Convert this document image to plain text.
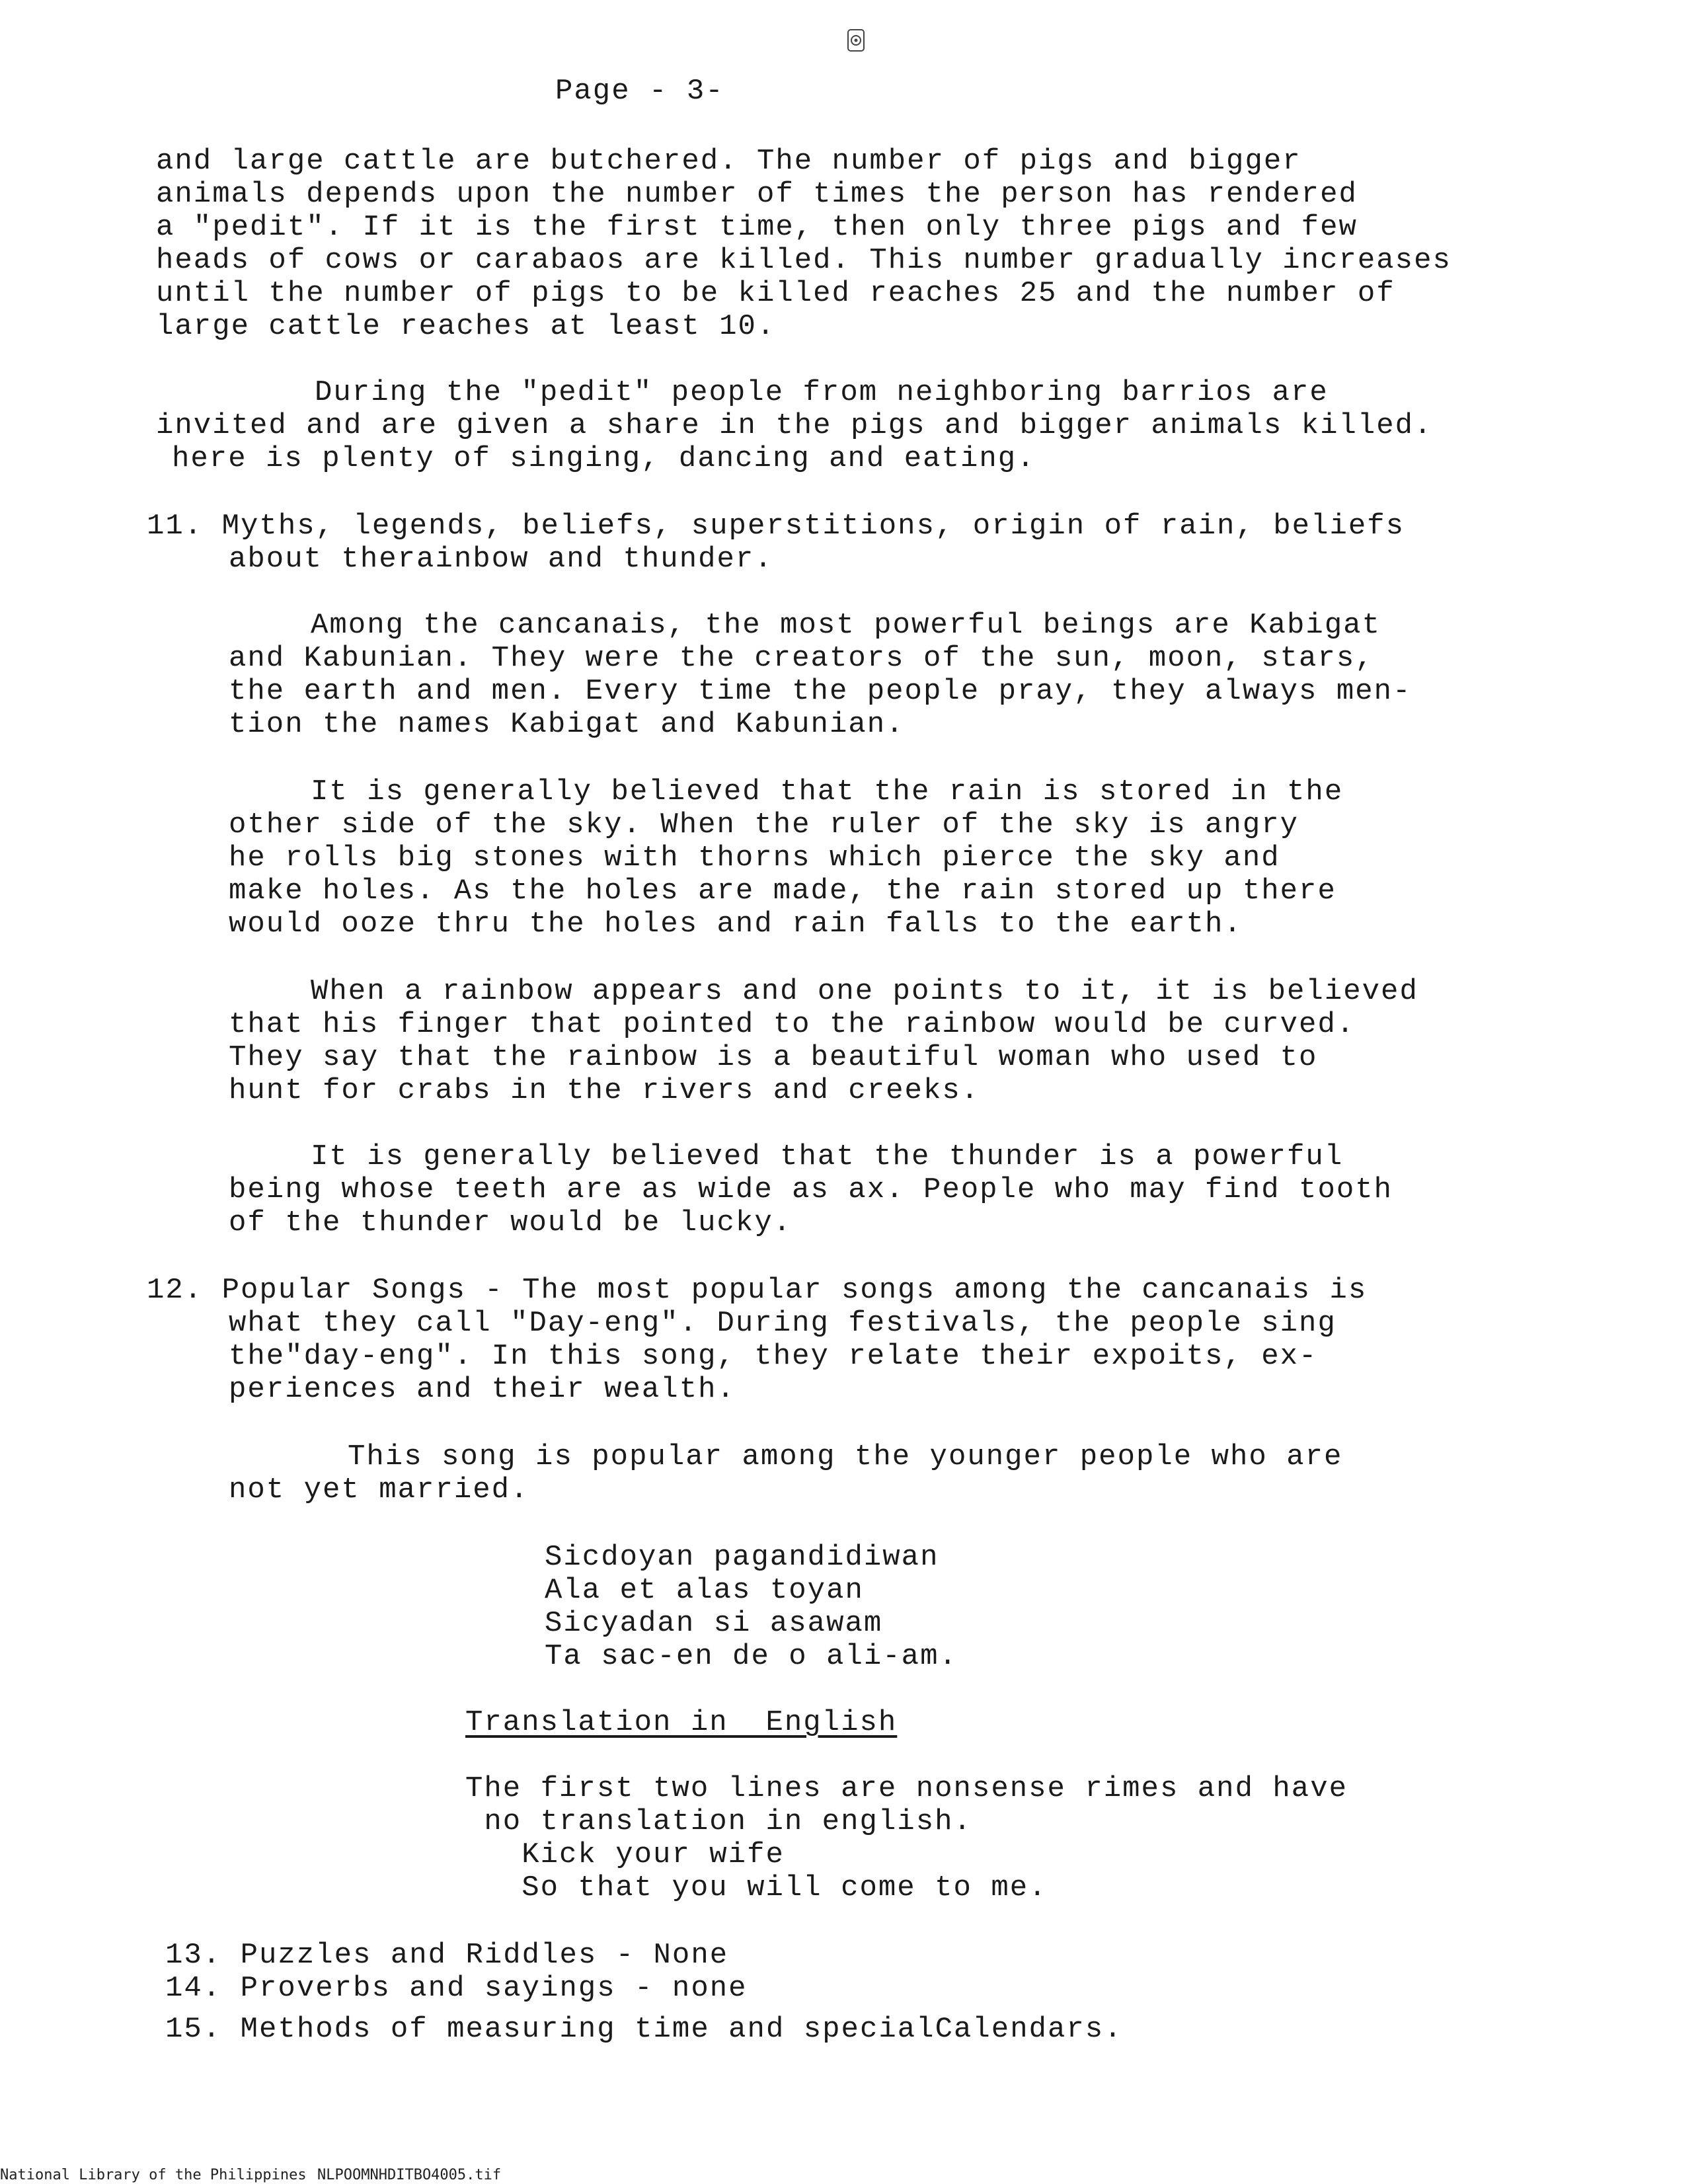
Page - 3-
and large cattle are butchered. The number of pigs and bigger
animals depends upon the number of times the person has rendered
a "pedit". If it is the first time, then only three pigs and few
heads of cows or carabaos are killed. This number gradually increases
until the number of pigs to be killed reaches 25 and the number of
large cattle reaches at least 10.
During the "pedit" people from neighboring barrios are
invited and are given a share in the pigs and bigger animals killed.
here is plenty of singing, dancing and eating.
11. Myths, legends, beliefs, superstitions, origin of rain, beliefs
about therainbow and thunder.
Among the cancanais, the most powerful beings are Kabigat
and Kabunian. They were the creators of the sun, moon, stars,
the earth and men. Every time the people pray, they always men-
tion the names Kabigat and Kabunian.
It is generally believed that the rain is stored in the
other side of the sky. When the ruler of the sky is angry
he rolls big stones with thorns which pierce the sky and
make holes. As the holes are made, the rain stored up there
would ooze thru the holes and rain falls to the earth.
When a rainbow appears and one points to it, it is believed
that his finger that pointed to the rainbow would be curved.
They say that the rainbow is a beautiful woman who used to
hunt for crabs in the rivers and creeks.
It is generally believed that the thunder is a powerful
being whose teeth are as wide as ax. People who may find tooth
of the thunder would be lucky.
12. Popular Songs - The most popular songs among the cancanais is
what they call "Day-eng". During festivals, the people sing
the"day-eng". In this song, they relate their expoits, ex-
periences and their wealth.
This song is popular among the younger people who are
not yet married.
Sicdoyan pagandidiwan
Ala et alas toyan
Sicyadan si asawam
Ta sac-en de o ali-am.
Translation in  English
The first two lines are nonsense rimes and have
no translation in english.
Kick your wife
So that you will come to me.
13. Puzzles and Riddles - None
14. Proverbs and sayings - none
15. Methods of measuring time and specialCalendars.
National Library of the Philippines NLPOOMNHDITBO4005.tif
